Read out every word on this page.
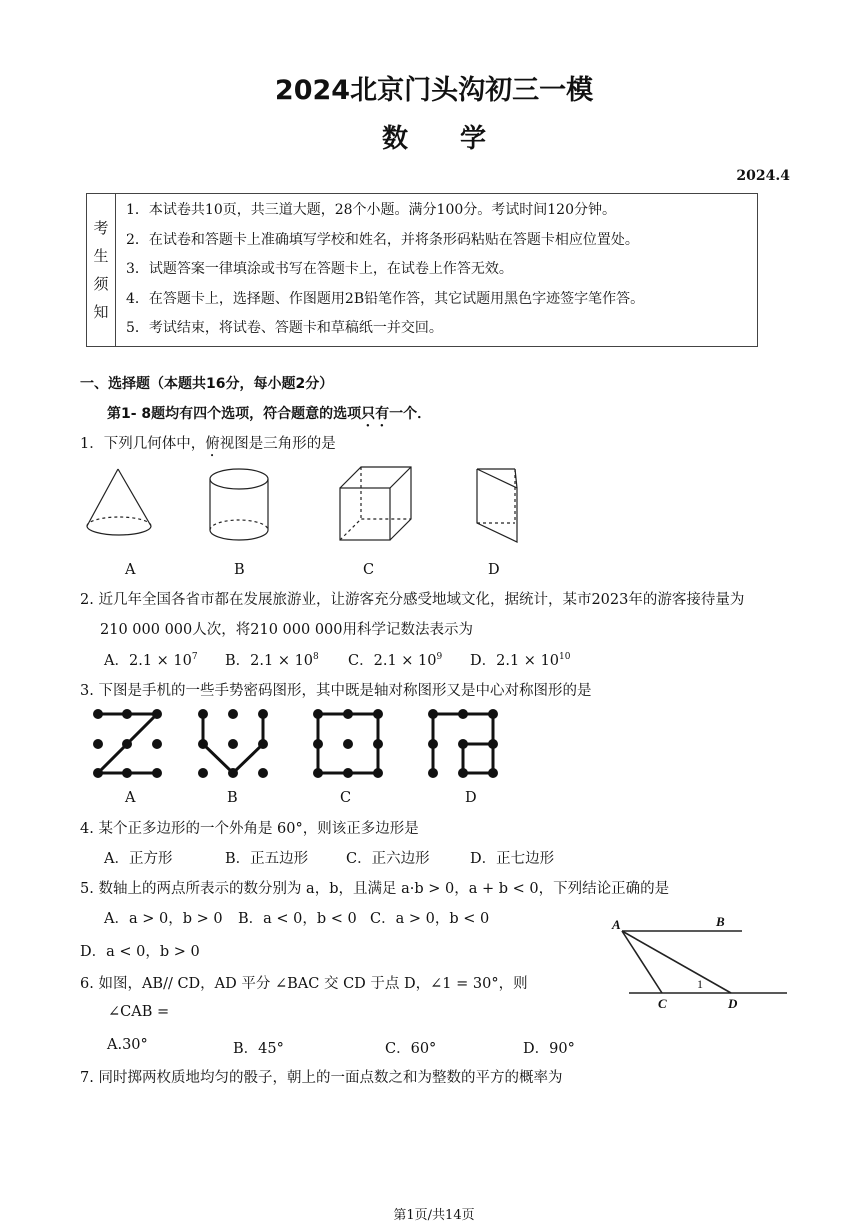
2024北京门头沟初三一模
数学
2024.4
考
生
须
知

1．本试卷共10页，共三道大题，28个小题。满分100分。考试时间120分钟。
2．在试卷和答题卡上准确填写学校和姓名，并将条形码粘贴在答题卡相应位置处。
3．试题答案一律填涂或书写在答题卡上，在试卷上作答无效。
4．在答题卡上，选择题、作图题用2B铅笔作答，其它试题用黑色字迹签字笔作答。
5．考试结束，将试卷、答题卡和草稿纸一并交回。
一、选择题（本题共16分，每小题2分）
第1- 8题均有四个选项，符合题意的选项只有一个．
1．下列几何体中，俯视图是三角形的是
A	B	C	D
2. 近几年全国各省市都在发展旅游业，让游客充分感受地域文化，据统计，某市2023年的游客接待量为
210 000 000人次，将210 000 000用科学记数法表示为
A．$2.1 \times 10^7$ B．$2.1 \times 10^8$ C．$2.1 \times 10^9$ D．$2.1 \times 10^{10}$
3. 下图是手机的一些手势密码图形，其中既是轴对称图形又是中心对称图形的是
A	B	C	D
4. 某个正多边形的一个外角是 60°，则该正多边形是
A．正方形	B．正五边形	C．正六边形	D．正七边形
5. 数轴上的两点所表示的数分别为 a，b，且满足 a·b > 0，a + b < 0，下列结论正确的是
A．a > 0，b > 0 B．a < 0，b < 0 C．a > 0，b < 0
D．a < 0，b > 0
A	B
C	D
1
6. 如图，AB// CD，AD 平分 ∠BAC 交 CD 于点 D，∠1 = 30°，则
∠CAB =
A.30°	B．45°	C．60°	D．90°
7. 同时掷两枚质地均匀的骰子，朝上的一面点数之和为整数的平方的概率为
第1页/共14页
